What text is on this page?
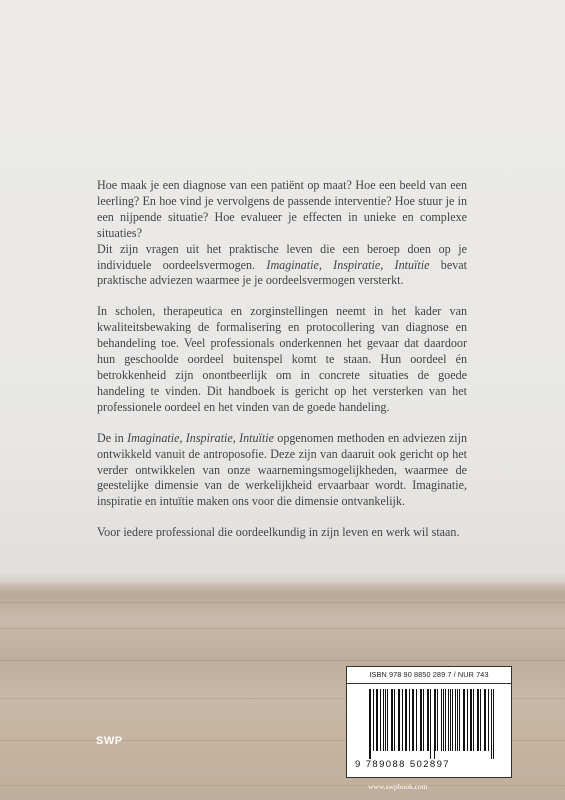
Hoe maak je een diagnose van een patiënt op maat? Hoe een beeld van een leerling? En hoe vind je vervolgens de passende interventie? Hoe stuur je in een nijpende situatie? Hoe evalueer je effecten in unieke en complexe situaties?
Dit zijn vragen uit het praktische leven die een beroep doen op je individuele oordeelsvermogen. Imaginatie, Inspiratie, Intuïtie bevat praktische adviezen waarmee je je oordeelsvermogen versterkt.

In scholen, therapeutica en zorginstellingen neemt in het kader van kwaliteitsbewaking de formalisering en protocollering van diagnose en behandeling toe. Veel professionals onderkennen het gevaar dat daardoor hun geschoolde oordeel buitenspel komt te staan. Hun oordeel én betrokkenheid zijn onontbeerlijk om in concrete situaties de goede handeling te vinden. Dit handboek is gericht op het versterken van het professionele oordeel en het vinden van de goede handeling.

De in Imaginatie, Inspiratie, Intuïtie opgenomen methoden en adviezen zijn ontwikkeld vanuit de antroposofie. Deze zijn van daaruit ook gericht op het verder ontwikkelen van onze waarnemingsmogelijkheden, waarmee de geestelijke dimensie van de werkelijkheid ervaarbaar wordt. Imaginatie, inspiratie en intuïtie maken ons voor die dimensie ontvankelijk.

Voor iedere professional die oordeelkundig in zijn leven en werk wil staan.

ISBN 978 90 8850 289 7 / NUR 743
9 789088 502897
SWP
www.swpbook.com
